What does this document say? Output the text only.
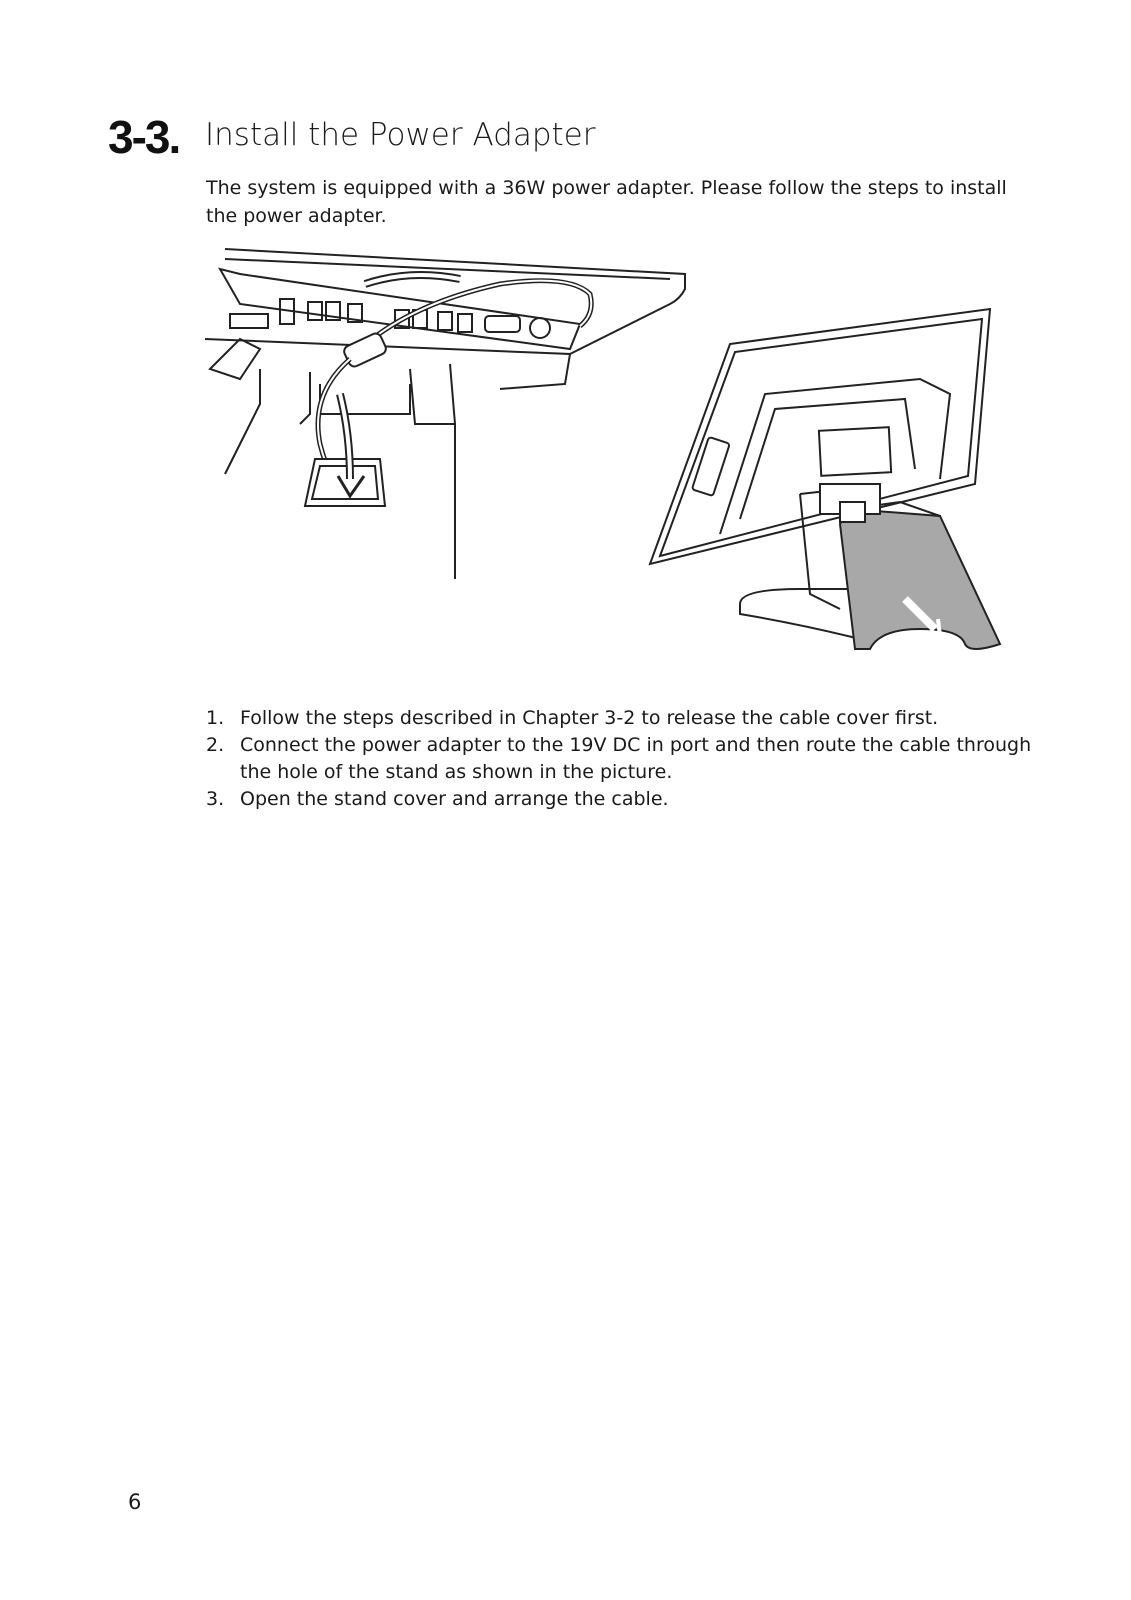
3-3. Install the Power Adapter
The system is equipped with a 36W power adapter. Please follow the steps to install the power adapter.
1. Follow the steps described in Chapter 3-2 to release the cable cover first.
2. Connect the power adapter to the 19V DC in port and then route the cable through the hole of the stand as shown in the picture.
3. Open the stand cover and arrange the cable.
6
